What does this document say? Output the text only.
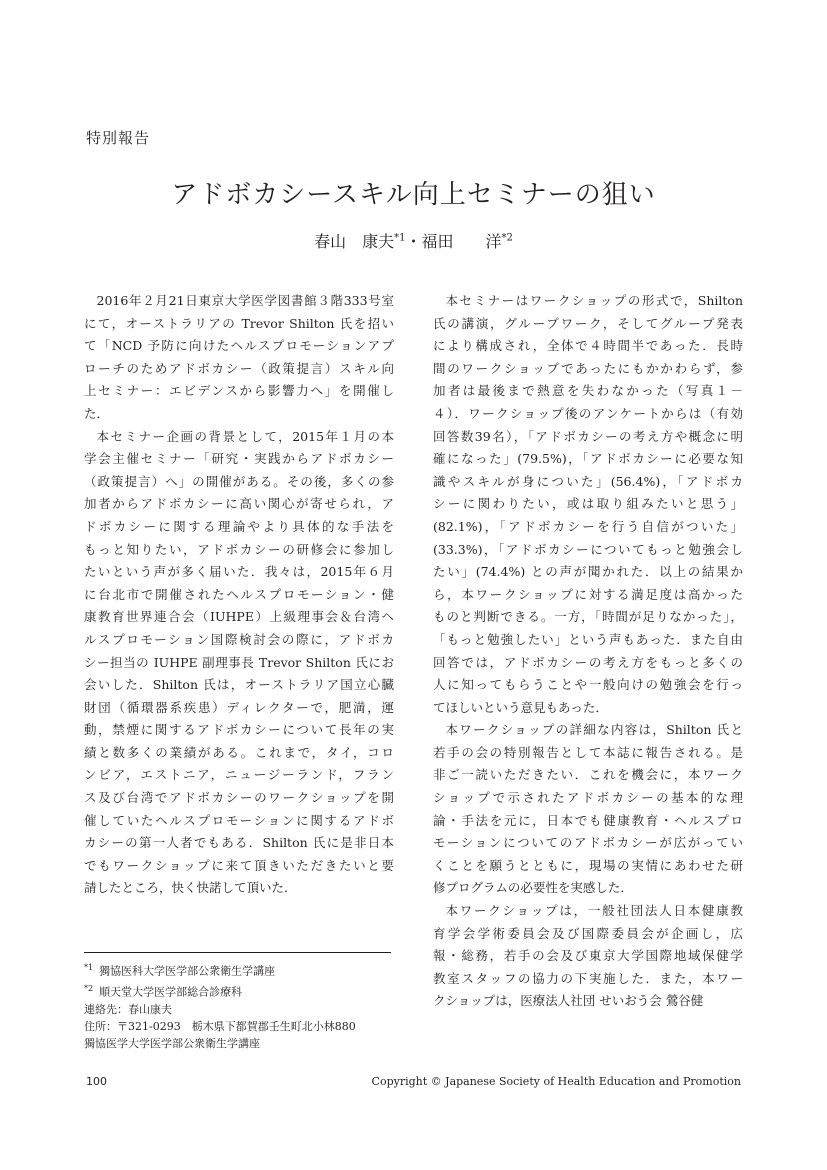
特別報告
アドボカシースキル向上セミナーの狙い
春山　康夫$^{*1}$・福田　　洋$^{*2}$
2016年２月21日東京大学医学図書館３階333号室
にて，オーストラリアの Trevor Shilton 氏を招い
て「NCD 予防に向けたヘルスプロモーションアプ
ローチのためアドボカシー（政策提言）スキル向
上セミナー：エビデンスから影響力へ」を開催し
た．
本セミナー企画の背景として，2015年１月の本
学会主催セミナー「研究・実践からアドボカシー
（政策提言）へ」の開催がある。その後，多くの参
加者からアドボカシーに高い関心が寄せられ，ア
ドボカシーに関する理論やより具体的な手法を
もっと知りたい，アドボカシーの研修会に参加し
たいという声が多く届いた．我々は，2015年６月
に台北市で開催されたヘルスプロモーション・健
康教育世界連合会（IUHPE）上級理事会＆台湾ヘ
ルスプロモーション国際検討会の際に，アドボカ
シー担当の IUHPE 副理事長 Trevor Shilton 氏にお
会いした．Shilton 氏は，オーストラリア国立心臓
財団（循環器系疾患）ディレクターで，肥満，運
動，禁煙に関するアドボカシーについて長年の実
績と数多くの業績がある。これまで，タイ，コロ
ンビア，エストニア，ニュージーランド，フラン
ス及び台湾でアドボカシーのワークショップを開
催していたヘルスプロモーションに関するアドボ
カシーの第一人者でもある．Shilton 氏に是非日本
でもワークショップに来て頂きいただきたいと要
請したところ，快く快諾して頂いた．
本セミナーはワークショップの形式で，Shilton
氏の講演，グループワーク，そしてグループ発表
により構成され，全体で４時間半であった．長時
間のワークショップであったにもかかわらず，参
加者は最後まで熱意を失わなかった（写真１－
４）．ワークショップ後のアンケートからは（有効
回答数39名），「アドボカシーの考え方や概念に明
確になった」(79.5%)，「アドボカシーに必要な知
識やスキルが身についた」(56.4%)，「アドボカ
シーに関わりたい，或は取り組みたいと思う」
(82.1%)，「アドボカシーを行う自信がついた」
(33.3%)，「アドボカシーについてもっと勉強会し
たい」(74.4%) との声が聞かれた．以上の結果か
ら，本ワークショップに対する満足度は高かった
ものと判断できる。一方，「時間が足りなかった」，
「もっと勉強したい」という声もあった．また自由
回答では，アドボカシーの考え方をもっと多くの
人に知ってもらうことや一般向けの勉強会を行っ
てほしいという意見もあった．
本ワークショップの詳細な内容は，Shilton 氏と
若手の会の特別報告として本誌に報告される。是
非ご一読いただきたい．これを機会に，本ワーク
ショップで示されたアドボカシーの基本的な理
論・手法を元に，日本でも健康教育・ヘルスプロ
モーションについてのアドボカシーが広がってい
くことを願うとともに，現場の実情にあわせた研
修プログラムの必要性を実感した．
本ワークショップは，一般社団法人日本健康教
育学会学術委員会及び国際委員会が企画し，広
報・総務，若手の会及び東京大学国際地域保健学
教室スタッフの協力の下実施した．また，本ワー
クショップは，医療法人社団 せいおう会 鶯谷健
$^{*1}$ 獨協医科大学医学部公衆衛生学講座
$^{*2}$ 順天堂大学医学部総合診療科
連絡先：春山康夫
住所：〒321-0293　栃木県下都賀郡壬生町北小林880
獨協医学大学医学部公衆衛生学講座
100	Copyright © Japanese Society of Health Education and Promotion
